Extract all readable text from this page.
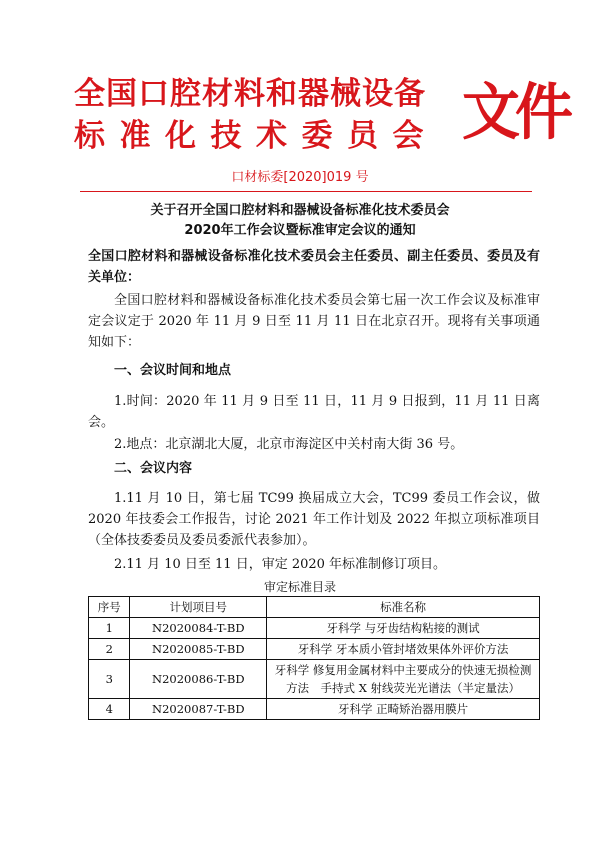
全国口腔材料和器械设备
标准化技术委员会 文件
口材标委[2020]019 号
关于召开全国口腔材料和器械设备标准化技术委员会
2020年工作会议暨标准审定会议的通知
全国口腔材料和器械设备标准化技术委员会主任委员、副主任委员、委员及有关单位：
全国口腔材料和器械设备标准化技术委员会第七届一次工作会议及标准审定会议定于 2020 年 11 月 9 日至 11 月 11 日在北京召开。现将有关事项通知如下：
一、会议时间和地点
1.时间：2020 年 11 月 9 日至 11 日，11 月 9 日报到，11 月 11 日离会。
2.地点：北京湖北大厦，北京市海淀区中关村南大街 36 号。
二、会议内容
1.11 月 10 日，第七届 TC99 换届成立大会，TC99 委员工作会议，做 2020 年技委会工作报告，讨论 2021 年工作计划及 2022 年拟立项标准项目（全体技委委员及委员委派代表参加）。
2.11 月 10 日至 11 日，审定 2020 年标准制修订项目。
审定标准目录
序号	计划项目号	标准名称
1	N2020084-T-BD	牙科学 与牙齿结构粘接的测试
2	N2020085-T-BD	牙科学 牙本质小管封堵效果体外评价方法
3	N2020086-T-BD	牙科学 修复用金属材料中主要成分的快速无损检测方法　手持式 X 射线荧光光谱法（半定量法）
4	N2020087-T-BD	牙科学 正畸矫治器用膜片
